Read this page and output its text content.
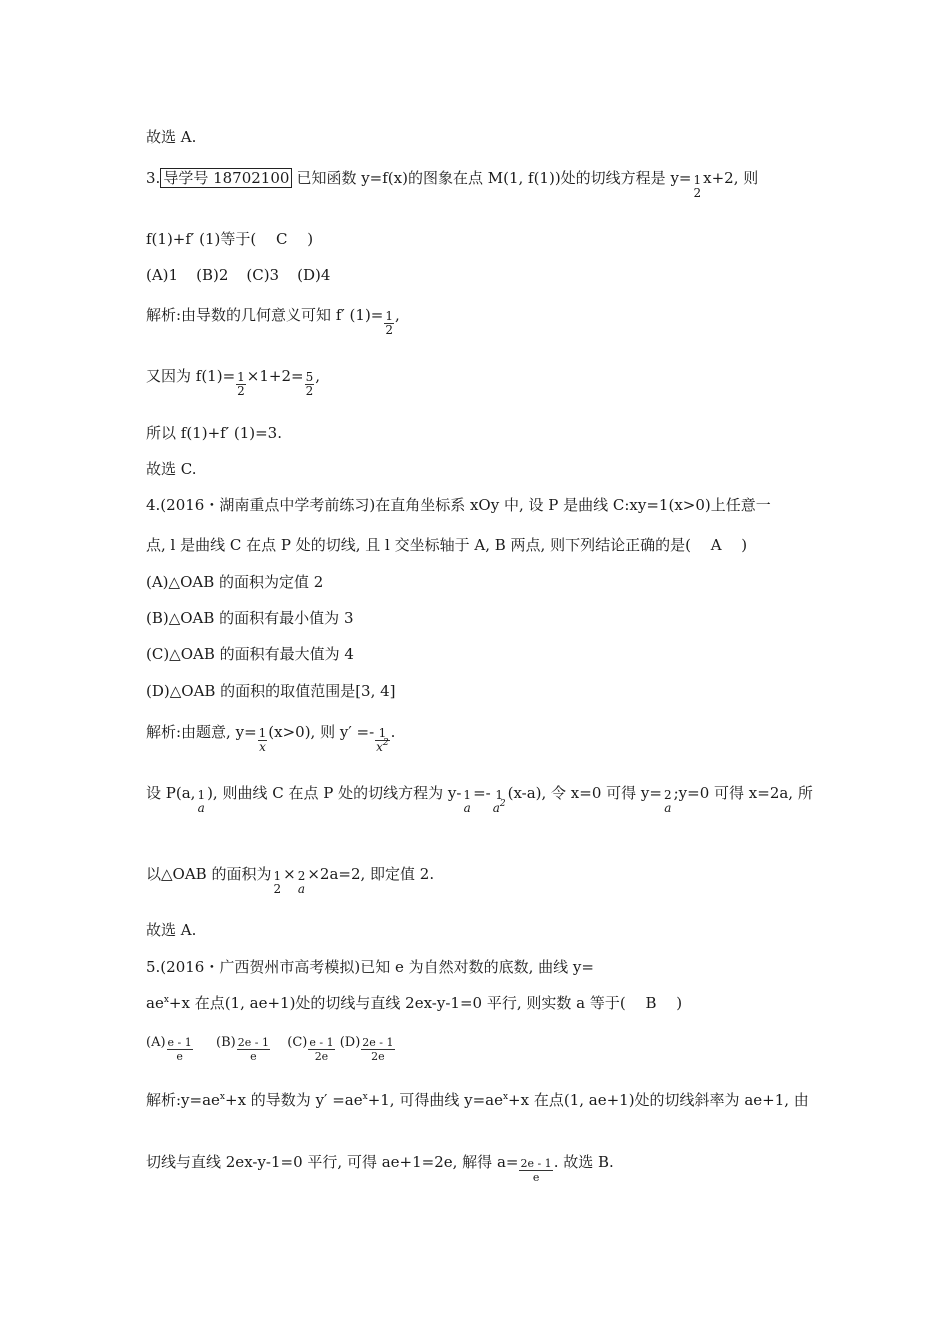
故选 A.
3. 导学号 18702100 已知函数 y=f(x)的图象在点 M(1, f(1))处的切线方程是 y= 1
2
x+2, 则
f(1)+f′ (1)等于(　 C　 )
(A)1 (B)2 (C)3 (D)4
解析:由导数的几何意义可知 f′ $(1)= \frac{1}{2}$ ,
又因为 $f(1)= \frac{1}{2} \times 1+2= \frac{5}{2}$ ,
所以 f(1)+f′ (1)=3.
故选 C.
4.(2016・湖南重点中学考前练习)在直角坐标系 xOy 中, 设 P 是曲线 C:xy=1(x>0)上任意一
点, l 是曲线 C 在点 P 处的切线, 且 l 交坐标轴于 A, B 两点, 则下列结论正确的是(　 A　 )
(A)△OAB 的面积为定值 2
(B)△OAB 的面积有最小值为 3
(C)△OAB 的面积有最大值为 4
(D)△OAB 的面积的取值范围是[3, 4]
解析:由题意, $y= \frac{1}{x} (x>0)$, 则 $y' =- \frac{1}{x^2}$ .
设 P(a, 1
a
), 则曲线 C 在点 P 处的切线方程为 y- 1
a
=- 1
$a^2$
(x-a), 令 x=0 可得 y= 2
a
;y=0 可得 x=2a, 所
以△OAB 的面积为 1
2
× 2
a
×2a=2, 即定值 2.
故选 A.
5.(2016・广西贺州市高考模拟)已知 e 为自然对数的底数, 曲线 y=
$ae^x+x$ 在点(1, ae+1)处的切线与直线 2ex-y-1=0 平行, 则实数 a 等于(　 B　 )
$(A) \frac{e - 1}{e} (B) \frac{2e - 1}{e} (C) \frac{e - 1}{2e} (D) \frac{2e - 1}{2e}$
解析$:y=ae^x+x$ 的导数为 $y' =ae^x+1$, 可得曲线 $y=ae^x+x$ 在点(1, ae+1)处的切线斜率为 ae+1, 由
切线与直线 2ex-y-1=0 平行, 可得 ae+1=2e, 解得 $a= \frac{2e - 1}{e}$ . 故选 B.
